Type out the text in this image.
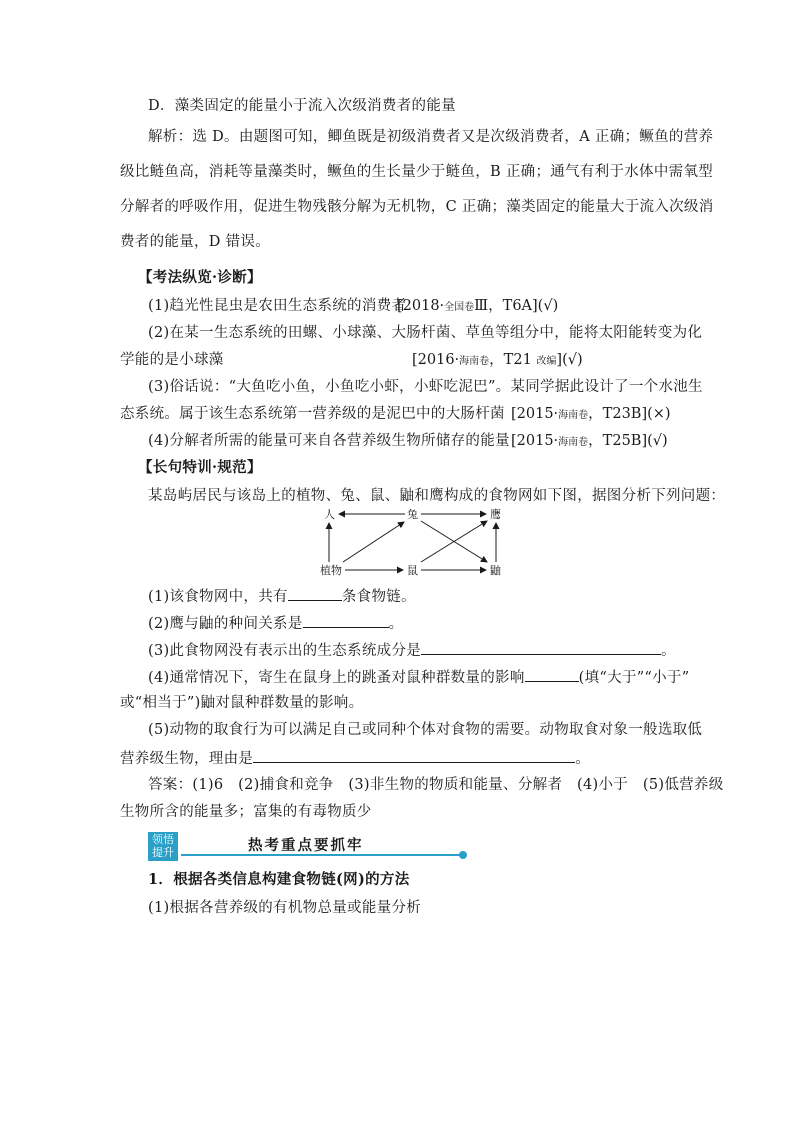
D．藻类固定的能量小于流入次级消费者的能量
解析：选 D。由题图可知，鲫鱼既是初级消费者又是次级消费者，A 正确；鳜鱼的营养
级比鲢鱼高，消耗等量藻类时，鳜鱼的生长量少于鲢鱼，B 正确；通气有利于水体中需氧型
分解者的呼吸作用，促进生物残骸分解为无机物，C 正确；藻类固定的能量大于流入次级消
费者的能量，D 错误。
【考法纵览·诊断】
(1)趋光性昆虫是农田生态系统的消费者
[2018·全国卷Ⅲ，T6A](√)
(2)在某一生态系统的田螺、小球藻、大肠杆菌、草鱼等组分中，能将太阳能转变为化
学能的是小球藻	[2016·海南卷，T21 改编](√)
(3)俗话说：“大鱼吃小鱼，小鱼吃小虾，小虾吃泥巴”。某同学据此设计了一个水池生
态系统。属于该生态系统第一营养级的是泥巴中的大肠杆菌 [2015·海南卷，T23B](×)
(4)分解者所需的能量可来自各营养级生物所储存的能量 [2015·海南卷，T25B](√)
【长句特训·规范】
某岛屿居民与该岛上的植物、兔、鼠、鼬和鹰构成的食物网如下图，据图分析下列问题：
人	兔	鹰
植物	鼠	鼬
(1)该食物网中，共有	条食物链。
(2)鹰与鼬的种间关系是	。
(3)此食物网没有表示出的生态系统成分是	。
(4)通常情况下，寄生在鼠身上的跳蚤对鼠种群数量的影响	(填“大于”“小于”
或“相当于”)鼬对鼠种群数量的影响。
(5)动物的取食行为可以满足自己或同种个体对食物的需要。动物取食对象一般选取低
营养级生物，理由是	。
答案：(1)6　(2)捕食和竞争　(3)非生物的物质和能量、分解者　(4)小于　(5)低营养级
生物所含的能量多；富集的有毒物质少
领悟
提升	热考重点要抓牢
1．根据各类信息构建食物链(网)的方法
(1)根据各营养级的有机物总量或能量分析
